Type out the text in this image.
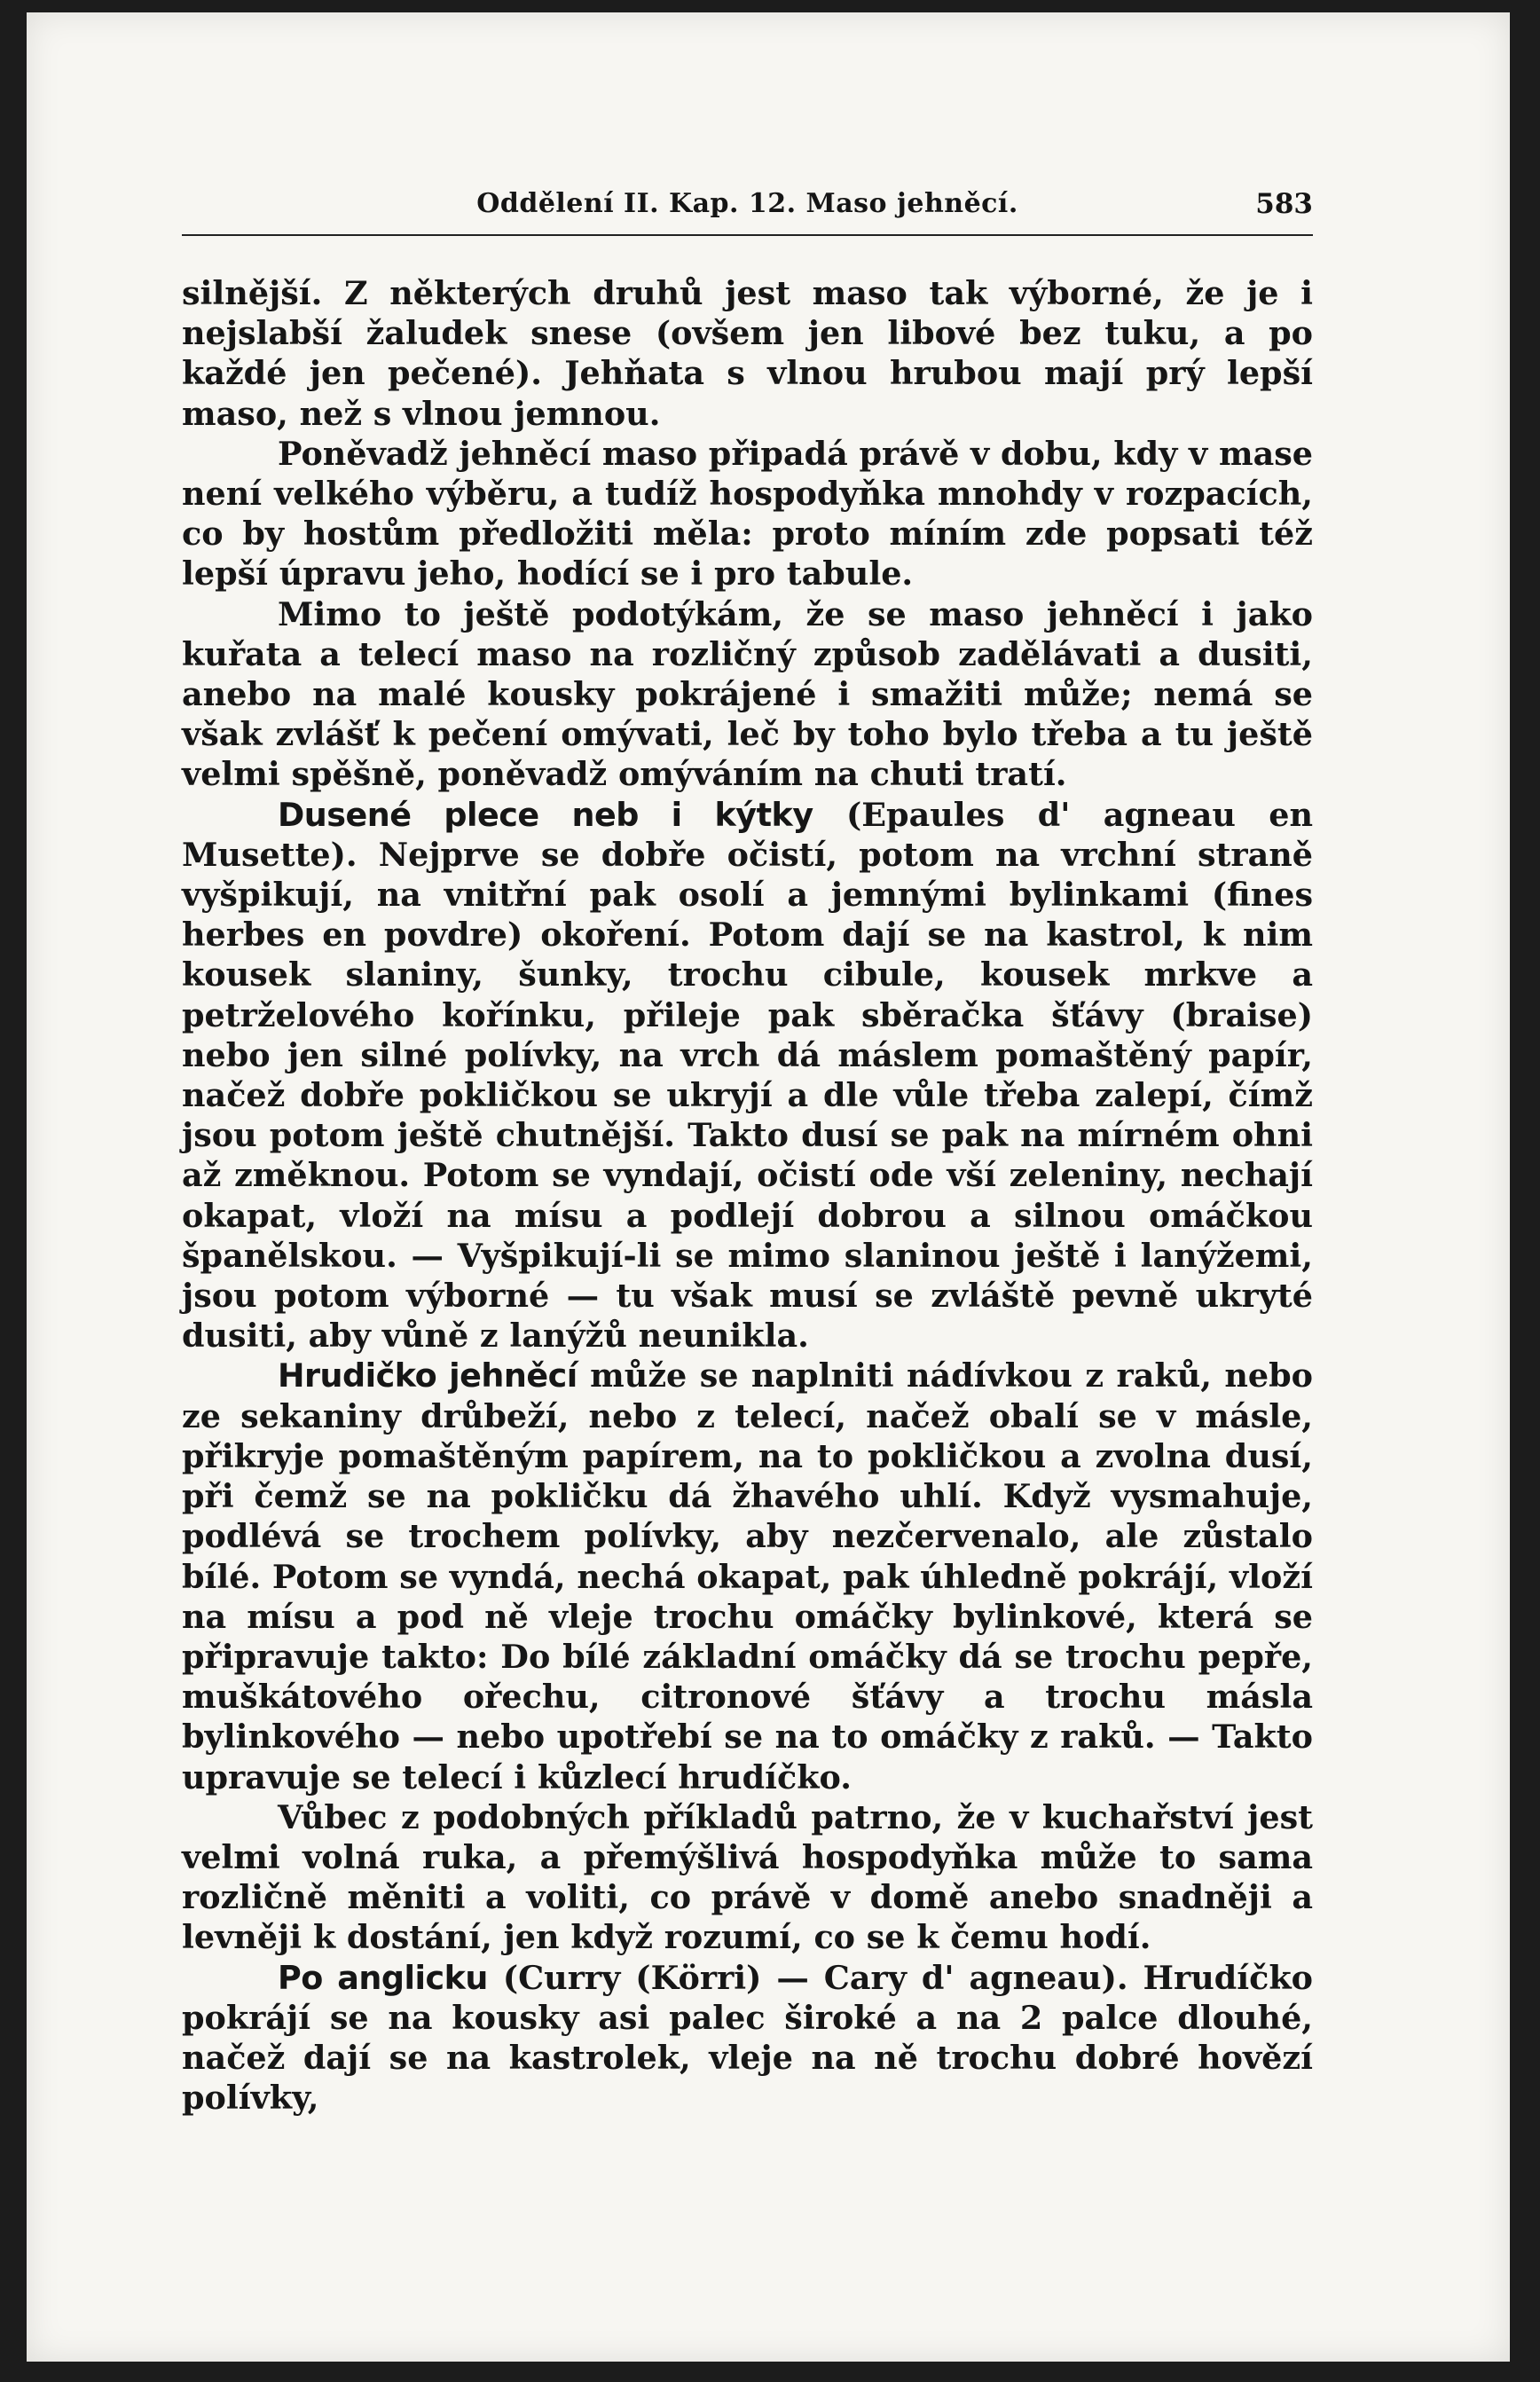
Oddělení II. Kap. 12. Maso jehněcí.	583

silnější. Z některých druhů jest maso tak výborné, že je i nejslabší žaludek snese (ovšem jen libové bez tuku, a po každé jen pečené). Jehňata s vlnou hrubou mají prý lepší maso, než s vlnou jemnou.

Poněvadž jehněcí maso připadá právě v dobu, kdy v mase není velkého výběru, a tudíž hospodyňka mnohdy v rozpacích, co by hostům předložiti měla: proto míním zde popsati též lepší úpravu jeho, hodící se i pro tabule.

Mimo to ještě podotýkám, že se maso jehněcí i jako kuřata a telecí maso na rozličný způsob zadělávati a dusiti, anebo na malé kousky pokrájené i smažiti může; nemá se však zvlášť k pečení omývati, leč by toho bylo třeba a tu ještě velmi spěšně, poněvadž omýváním na chuti tratí.

Dusené plece neb i kýtky (Epaules d' agneau en Musette). Nejprve se dobře očistí, potom na vrchní straně vyšpikují, na vnitřní pak osolí a jemnými bylinkami (fines herbes en povdre) okoření. Potom dají se na kastrol, k nim kousek slaniny, šunky, trochu cibule, kousek mrkve a petrželového kořínku, přileje pak sběračka šťávy (braise) nebo jen silné polívky, na vrch dá máslem pomaštěný papír, načež dobře pokličkou se ukryjí a dle vůle třeba zalepí, čímž jsou potom ještě chutnější. Takto dusí se pak na mírném ohni až změknou. Potom se vyndají, očistí ode vší zeleniny, nechají okapat, vloží na mísu a podlejí dobrou a silnou omáčkou španělskou. — Vyšpikují-li se mimo slaninou ještě i lanýžemi, jsou potom výborné — tu však musí se zvláště pevně ukryté dusiti, aby vůně z lanýžů neunikla.

Hrudičko jehněcí může se naplniti nádívkou z raků, nebo ze sekaniny drůbeží, nebo z telecí, načež obalí se v másle, přikryje pomaštěným papírem, na to pokličkou a zvolna dusí, při čemž se na pokličku dá žhavého uhlí. Když vysmahuje, podlévá se trochem polívky, aby nezčervenalo, ale zůstalo bílé. Potom se vyndá, nechá okapat, pak úhledně pokrájí, vloží na mísu a pod ně vleje trochu omáčky bylinkové, která se připravuje takto: Do bílé základní omáčky dá se trochu pepře, muškátového ořechu, citronové šťávy a trochu másla bylinkového — nebo upotřebí se na to omáčky z raků. — Takto upravuje se telecí i kůzlecí hrudíčko.

Vůbec z podobných příkladů patrno, že v kuchařství jest velmi volná ruka, a přemýšlivá hospodyňka může to sama rozličně měniti a voliti, co právě v domě anebo snadněji a levněji k dostání, jen když rozumí, co se k čemu hodí.

Po anglicku (Curry (Körri) — Cary d' agneau). Hrudíčko pokrájí se na kousky asi palec široké a na 2 palce dlouhé, načež dají se na kastrolek, vleje na ně trochu dobré hovězí polívky,
